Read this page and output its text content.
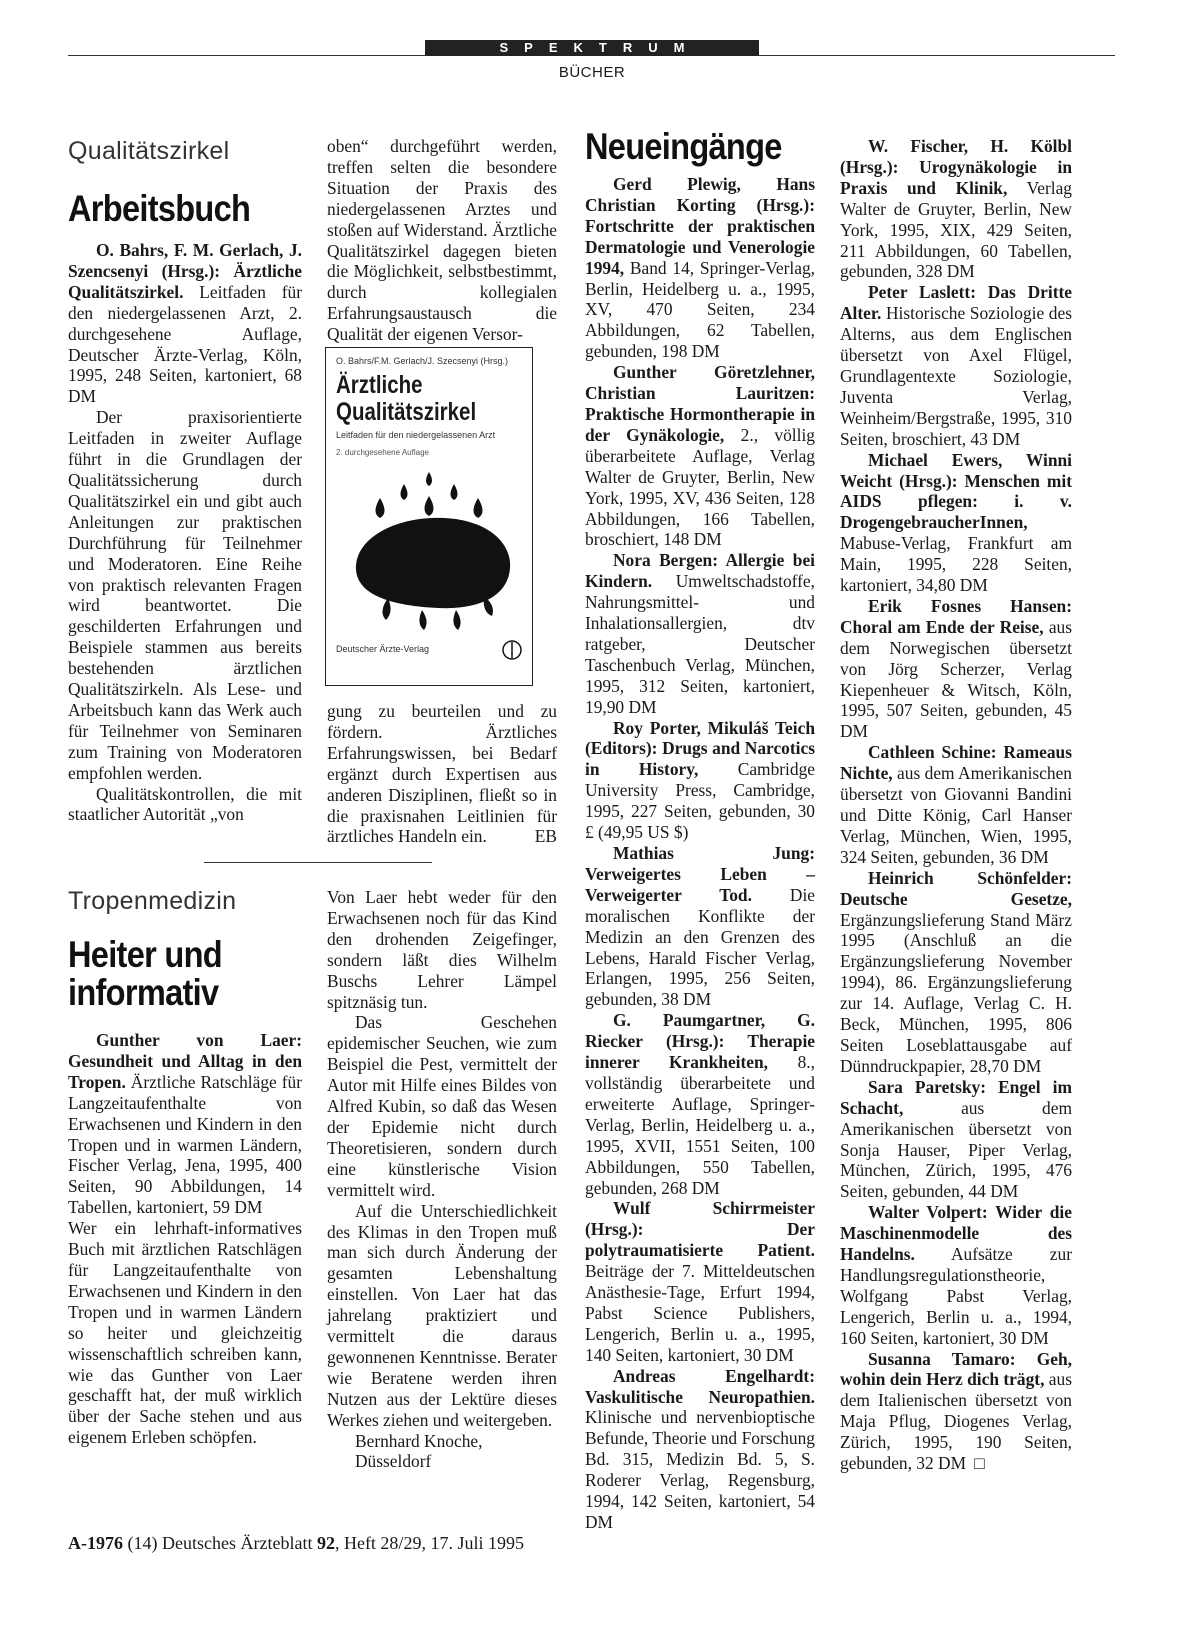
SPEKTRUM
BÜCHER
Qualitätszirkel
Arbeitsbuch

O. Bahrs, F. M. Gerlach, J. Szencsenyi (Hrsg.): Ärztliche Qualitätszirkel. Leitfaden für den niedergelassenen Arzt, 2. durchgesehene Auflage, Deutscher Ärzte-Verlag, Köln, 1995, 248 Seiten, kartoniert, 68 DM

Der praxisorientierte Leitfaden in zweiter Auflage führt in die Grundlagen der Qualitätssicherung durch Qualitätszirkel ein und gibt auch Anleitungen zur praktischen Durchführung für Teilnehmer und Moderatoren. Eine Reihe von praktisch relevanten Fragen wird beantwortet. Die geschilderten Erfahrungen und Beispiele stammen aus bereits bestehenden ärztlichen Qualitätszirkeln. Als Lese- und Arbeitsbuch kann das Werk auch für Teilnehmer von Seminaren zum Training von Moderatoren empfohlen werden.

Qualitätskontrollen, die mit staatlicher Autorität „von

oben“ durchgeführt werden, treffen selten die besondere Situation der Praxis des niedergelassenen Arztes und stoßen auf Widerstand. Ärztliche Qualitätszirkel dagegen bieten die Möglichkeit, selbstbestimmt, durch kollegialen Erfahrungsaustausch die Qualität der eigenen Versor-

O. Bahrs/F.M. Gerlach/J. Szecsenyi (Hrsg.)
Ärztliche
Qualitätszirkel
Leitfaden für den niedergelassenen Arzt
2. durchgesehene Auflage
Deutscher Ärzte-Verlag

gung zu beurteilen und zu fördern. Ärztliches Erfahrungswissen, bei Bedarf ergänzt durch Expertisen aus anderen Disziplinen, fließt so in die praxisnahen Leitlinien für ärztliches Handeln ein.	EB

Tropenmedizin
Heiter und
informativ

Gunther von Laer: Gesundheit und Alltag in den Tropen. Ärztliche Ratschläge für Langzeitaufenthalte von Erwachsenen und Kindern in den Tropen und in warmen Ländern, Fischer Verlag, Jena, 1995, 400 Seiten, 90 Abbildungen, 14 Tabellen, kartoniert, 59 DM

Wer ein lehrhaft-informatives Buch mit ärztlichen Ratschlägen für Langzeitaufenthalte von Erwachsenen und Kindern in den Tropen und in warmen Ländern so heiter und gleichzeitig wissenschaftlich schreiben kann, wie das Gunther von Laer geschafft hat, der muß wirklich über der Sache stehen und aus eigenem Erleben schöpfen.

Von Laer hebt weder für den Erwachsenen noch für das Kind den drohenden Zeigefinger, sondern läßt dies Wilhelm Buschs Lehrer Lämpel spitznäsig tun.

Das Geschehen epidemischer Seuchen, wie zum Beispiel die Pest, vermittelt der Autor mit Hilfe eines Bildes von Alfred Kubin, so daß das Wesen der Epidemie nicht durch Theoretisieren, sondern durch eine künstlerische Vision vermittelt wird.

Auf die Unterschiedlichkeit des Klimas in den Tropen muß man sich durch Änderung der gesamten Lebenshaltung einstellen. Von Laer hat das jahrelang praktiziert und vermittelt die daraus gewonnenen Kenntnisse. Berater wie Beratene werden ihren Nutzen aus der Lektüre dieses Werkes ziehen und weitergeben.

Bernhard Knoche,

Düsseldorf

Neueingänge

Gerd Plewig, Hans Christian Korting (Hrsg.): Fortschritte der praktischen Dermatologie und Venerologie 1994, Band 14, Springer-Verlag, Berlin, Heidelberg u. a., 1995, XV, 470 Seiten, 234 Abbildungen, 62 Tabellen, gebunden, 198 DM

Gunther Göretzlehner, Christian Lauritzen: Praktische Hormontherapie in der Gynäkologie, 2., völlig überarbeitete Auflage, Verlag Walter de Gruyter, Berlin, New York, 1995, XV, 436 Seiten, 128 Abbildungen, 166 Tabellen, broschiert, 148 DM

Nora Bergen: Allergie bei Kindern. Umweltschadstoffe, Nahrungsmittel- und Inhalationsallergien, dtv ratgeber, Deutscher Taschenbuch Verlag, München, 1995, 312 Seiten, kartoniert, 19,90 DM

Roy Porter, Mikuláš Teich (Editors): Drugs and Narcotics in History, Cambridge University Press, Cambridge, 1995, 227 Seiten, gebunden, 30 £ (49,95 US $)

Mathias Jung: Verweigertes Leben – Verweigerter Tod. Die moralischen Konflikte der Medizin an den Grenzen des Lebens, Harald Fischer Verlag, Erlangen, 1995, 256 Seiten, gebunden, 38 DM

G. Paumgartner, G. Riecker (Hrsg.): Therapie innerer Krankheiten, 8., vollständig überarbeitete und erweiterte Auflage, Springer-Verlag, Berlin, Heidelberg u. a., 1995, XVII, 1551 Seiten, 100 Abbildungen, 550 Tabellen, gebunden, 268 DM

Wulf Schirrmeister (Hrsg.): Der polytraumatisierte Patient. Beiträge der 7. Mitteldeutschen Anästhesie-Tage, Erfurt 1994, Pabst Science Publishers, Lengerich, Berlin u. a., 1995, 140 Seiten, kartoniert, 30 DM

Andreas Engelhardt: Vaskulitische Neuropathien. Klinische und nervenbioptische Befunde, Theorie und Forschung Bd. 315, Medizin Bd. 5, S. Roderer Verlag, Regensburg, 1994, 142 Seiten, kartoniert, 54 DM

W. Fischer, H. Kölbl (Hrsg.): Urogynäkologie in Praxis und Klinik, Verlag Walter de Gruyter, Berlin, New York, 1995, XIX, 429 Seiten, 211 Abbildungen, 60 Tabellen, gebunden, 328 DM

Peter Laslett: Das Dritte Alter. Historische Soziologie des Alterns, aus dem Englischen übersetzt von Axel Flügel, Grundlagentexte Soziologie, Juventa Verlag, Weinheim/Bergstraße, 1995, 310 Seiten, broschiert, 43 DM

Michael Ewers, Winni Weicht (Hrsg.): Menschen mit AIDS pflegen: i. v. DrogengebraucherInnen, Mabuse-Verlag, Frankfurt am Main, 1995, 228 Seiten, kartoniert, 34,80 DM

Erik Fosnes Hansen: Choral am Ende der Reise, aus dem Norwegischen übersetzt von Jörg Scherzer, Verlag Kiepenheuer & Witsch, Köln, 1995, 507 Seiten, gebunden, 45 DM

Cathleen Schine: Rameaus Nichte, aus dem Amerikanischen übersetzt von Giovanni Bandini und Ditte König, Carl Hanser Verlag, München, Wien, 1995, 324 Seiten, gebunden, 36 DM

Heinrich Schönfelder: Deutsche Gesetze, Ergänzungslieferung Stand März 1995 (Anschluß an die Ergänzungslieferung November 1994), 86. Ergänzungslieferung zur 14. Auflage, Verlag C. H. Beck, München, 1995, 806 Seiten Loseblattausgabe auf Dünndruckpapier, 28,70 DM

Sara Paretsky: Engel im Schacht, aus dem Amerikanischen übersetzt von Sonja Hauser, Piper Verlag, München, Zürich, 1995, 476 Seiten, gebunden, 44 DM

Walter Volpert: Wider die Maschinenmodelle des Handelns. Aufsätze zur Handlungsregulationstheorie, Wolfgang Pabst Verlag, Lengerich, Berlin u. a., 1994, 160 Seiten, kartoniert, 30 DM

Susanna Tamaro: Geh, wohin dein Herz dich trägt, aus dem Italienischen übersetzt von Maja Pflug, Diogenes Verlag, Zürich, 1995, 190 Seiten, gebunden, 32 DM □

A-1976 (14) Deutsches Ärzteblatt 92, Heft 28/29, 17. Juli 1995
